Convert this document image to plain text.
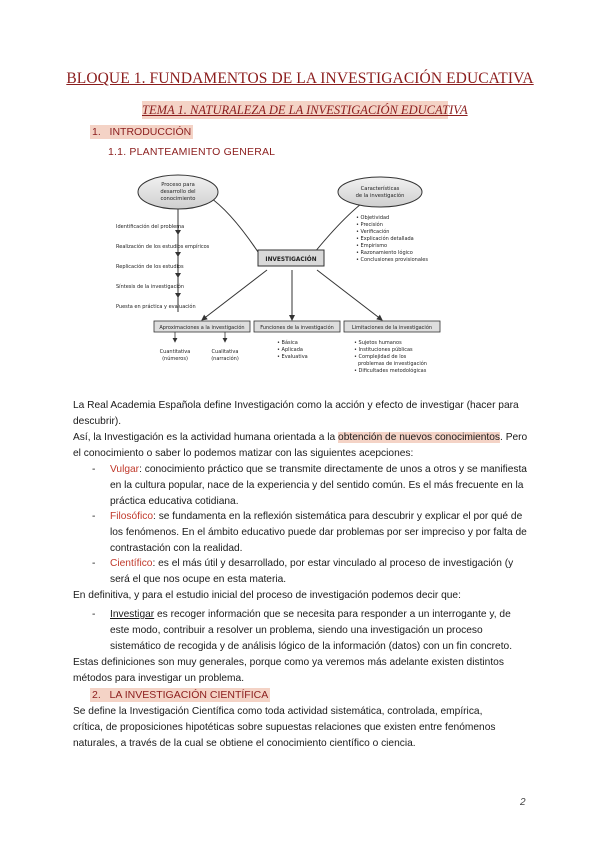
BLOQUE 1. FUNDAMENTOS DE LA INVESTIGACIÓN EDUCATIVA
TEMA 1. NATURALEZA DE LA INVESTIGACIÓN EDUCATIVA
1. INTRODUCCIÓN
1.1. PLANTEAMIENTO GENERAL
Proceso para
desarrollo del
conocimiento
Identificación del problema
Realización de los estudios empíricos
Replicación de los estudios
Síntesis de la investigación
Puesta en práctica y evaluación
Características
de la investigación
• Objetividad
• Precisión
• Verificación
• Explicación detallada
• Empirismo
• Razonamiento lógico
• Conclusiones provisionales
INVESTIGACIÓN
Aproximaciones a la investigación	Funciones de la investigación	Limitaciones de la investigación
Cuantitativa
(números)
Cualitativa
(narración)
• Básica
• Aplicada
• Evaluativa
• Sujetos humanos
• Instituciones públicas
• Complejidad de los
problemas de investigación
• Dificultades metodológicas
La Real Academia Española define Investigación como la acción y efecto de investigar (hacer para
descubrir).
Así, la Investigación es la actividad humana orientada a la obtención de nuevos conocimientos. Pero
el conocimiento o saber lo podemos matizar con las siguientes acepciones:
- Vulgar: conocimiento práctico que se transmite directamente de unos a otros y se manifiesta
en la cultura popular, nace de la experiencia y del sentido común. Es el más frecuente en la
práctica educativa cotidiana.
- Filosófico: se fundamenta en la reflexión sistemática para descubrir y explicar el por qué de
los fenómenos. En el ámbito educativo puede dar problemas por ser impreciso y por falta de
contrastación con la realidad.
- Científico: es el más útil y desarrollado, por estar vinculado al proceso de investigación (y
será el que nos ocupe en esta materia.
En definitiva, y para el estudio inicial del proceso de investigación podemos decir que:
- Investigar es recoger información que se necesita para responder a un interrogante y, de
este modo, contribuir a resolver un problema, siendo una investigación un proceso
sistemático de recogida y de análisis lógico de la información (datos) con un fin concreto.
Estas definiciones son muy generales, porque como ya veremos más adelante existen distintos
métodos para investigar un problema.
2. LA INVESTIGACIÓN CIENTÍFICA
Se define la Investigación Científica como toda actividad sistemática, controlada, empírica,
crítica, de proposiciones hipotéticas sobre supuestas relaciones que existen entre fenómenos
naturales, a través de la cual se obtiene el conocimiento científico o ciencia.
2
